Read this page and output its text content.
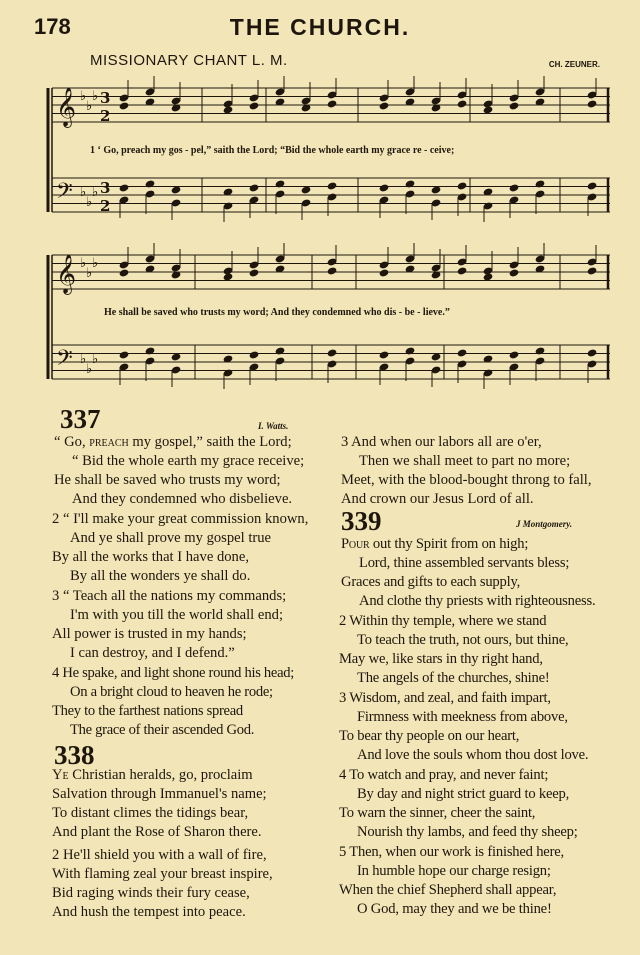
178	THE CHURCH.
MISSIONARY CHANT L. M.	CH. ZEUNER.
𝄞
𝄢
3
2
3
2
♭
♭
♭
♭
♭
♭
𝄞
𝄢
♭
♭
♭
♭
♭
♭
1 ‘ Go, preach my gos - pel,” saith the Lord; “Bid the whole earth my grace re - ceive;
He shall be saved who trusts my word; And they condemned who dis - be - lieve.”
337	I. Watts.
“ Go, preach my gospel,” saith the Lord;
“ Bid the whole earth my grace receive;
He shall be saved who trusts my word;
And they condemned who disbelieve.
2 “ I'll make your great commission known,
And ye shall prove my gospel true
By all the works that I have done,
By all the wonders ye shall do.
3 “ Teach all the nations my commands;
I'm with you till the world shall end;
All power is trusted in my hands;
I can destroy, and I defend.”
4 He spake, and light shone round his head;
On a bright cloud to heaven he rode;
They to the farthest nations spread
The grace of their ascended God.
3 And when our labors all are o'er,
Then we shall meet to part no more;
Meet, with the blood-bought throng to fall,
And crown our Jesus Lord of all.
338
Ye Christian heralds, go, proclaim
Salvation through Immanuel's name;
To distant climes the tidings bear,
And plant the Rose of Sharon there.
2 He'll shield you with a wall of fire,
With flaming zeal your breast inspire,
Bid raging winds their fury cease,
And hush the tempest into peace.
339	J Montgomery.
Pour out thy Spirit from on high;
Lord, thine assembled servants bless;
Graces and gifts to each supply,
And clothe thy priests with righteousness.
2 Within thy temple, where we stand
To teach the truth, not ours, but thine,
May we, like stars in thy right hand,
The angels of the churches, shine!
3 Wisdom, and zeal, and faith impart,
Firmness with meekness from above,
To bear thy people on our heart,
And love the souls whom thou dost love.
4 To watch and pray, and never faint;
By day and night strict guard to keep,
To warn the sinner, cheer the saint,
Nourish thy lambs, and feed thy sheep;
5 Then, when our work is finished here,
In humble hope our charge resign;
When the chief Shepherd shall appear,
O God, may they and we be thine!
